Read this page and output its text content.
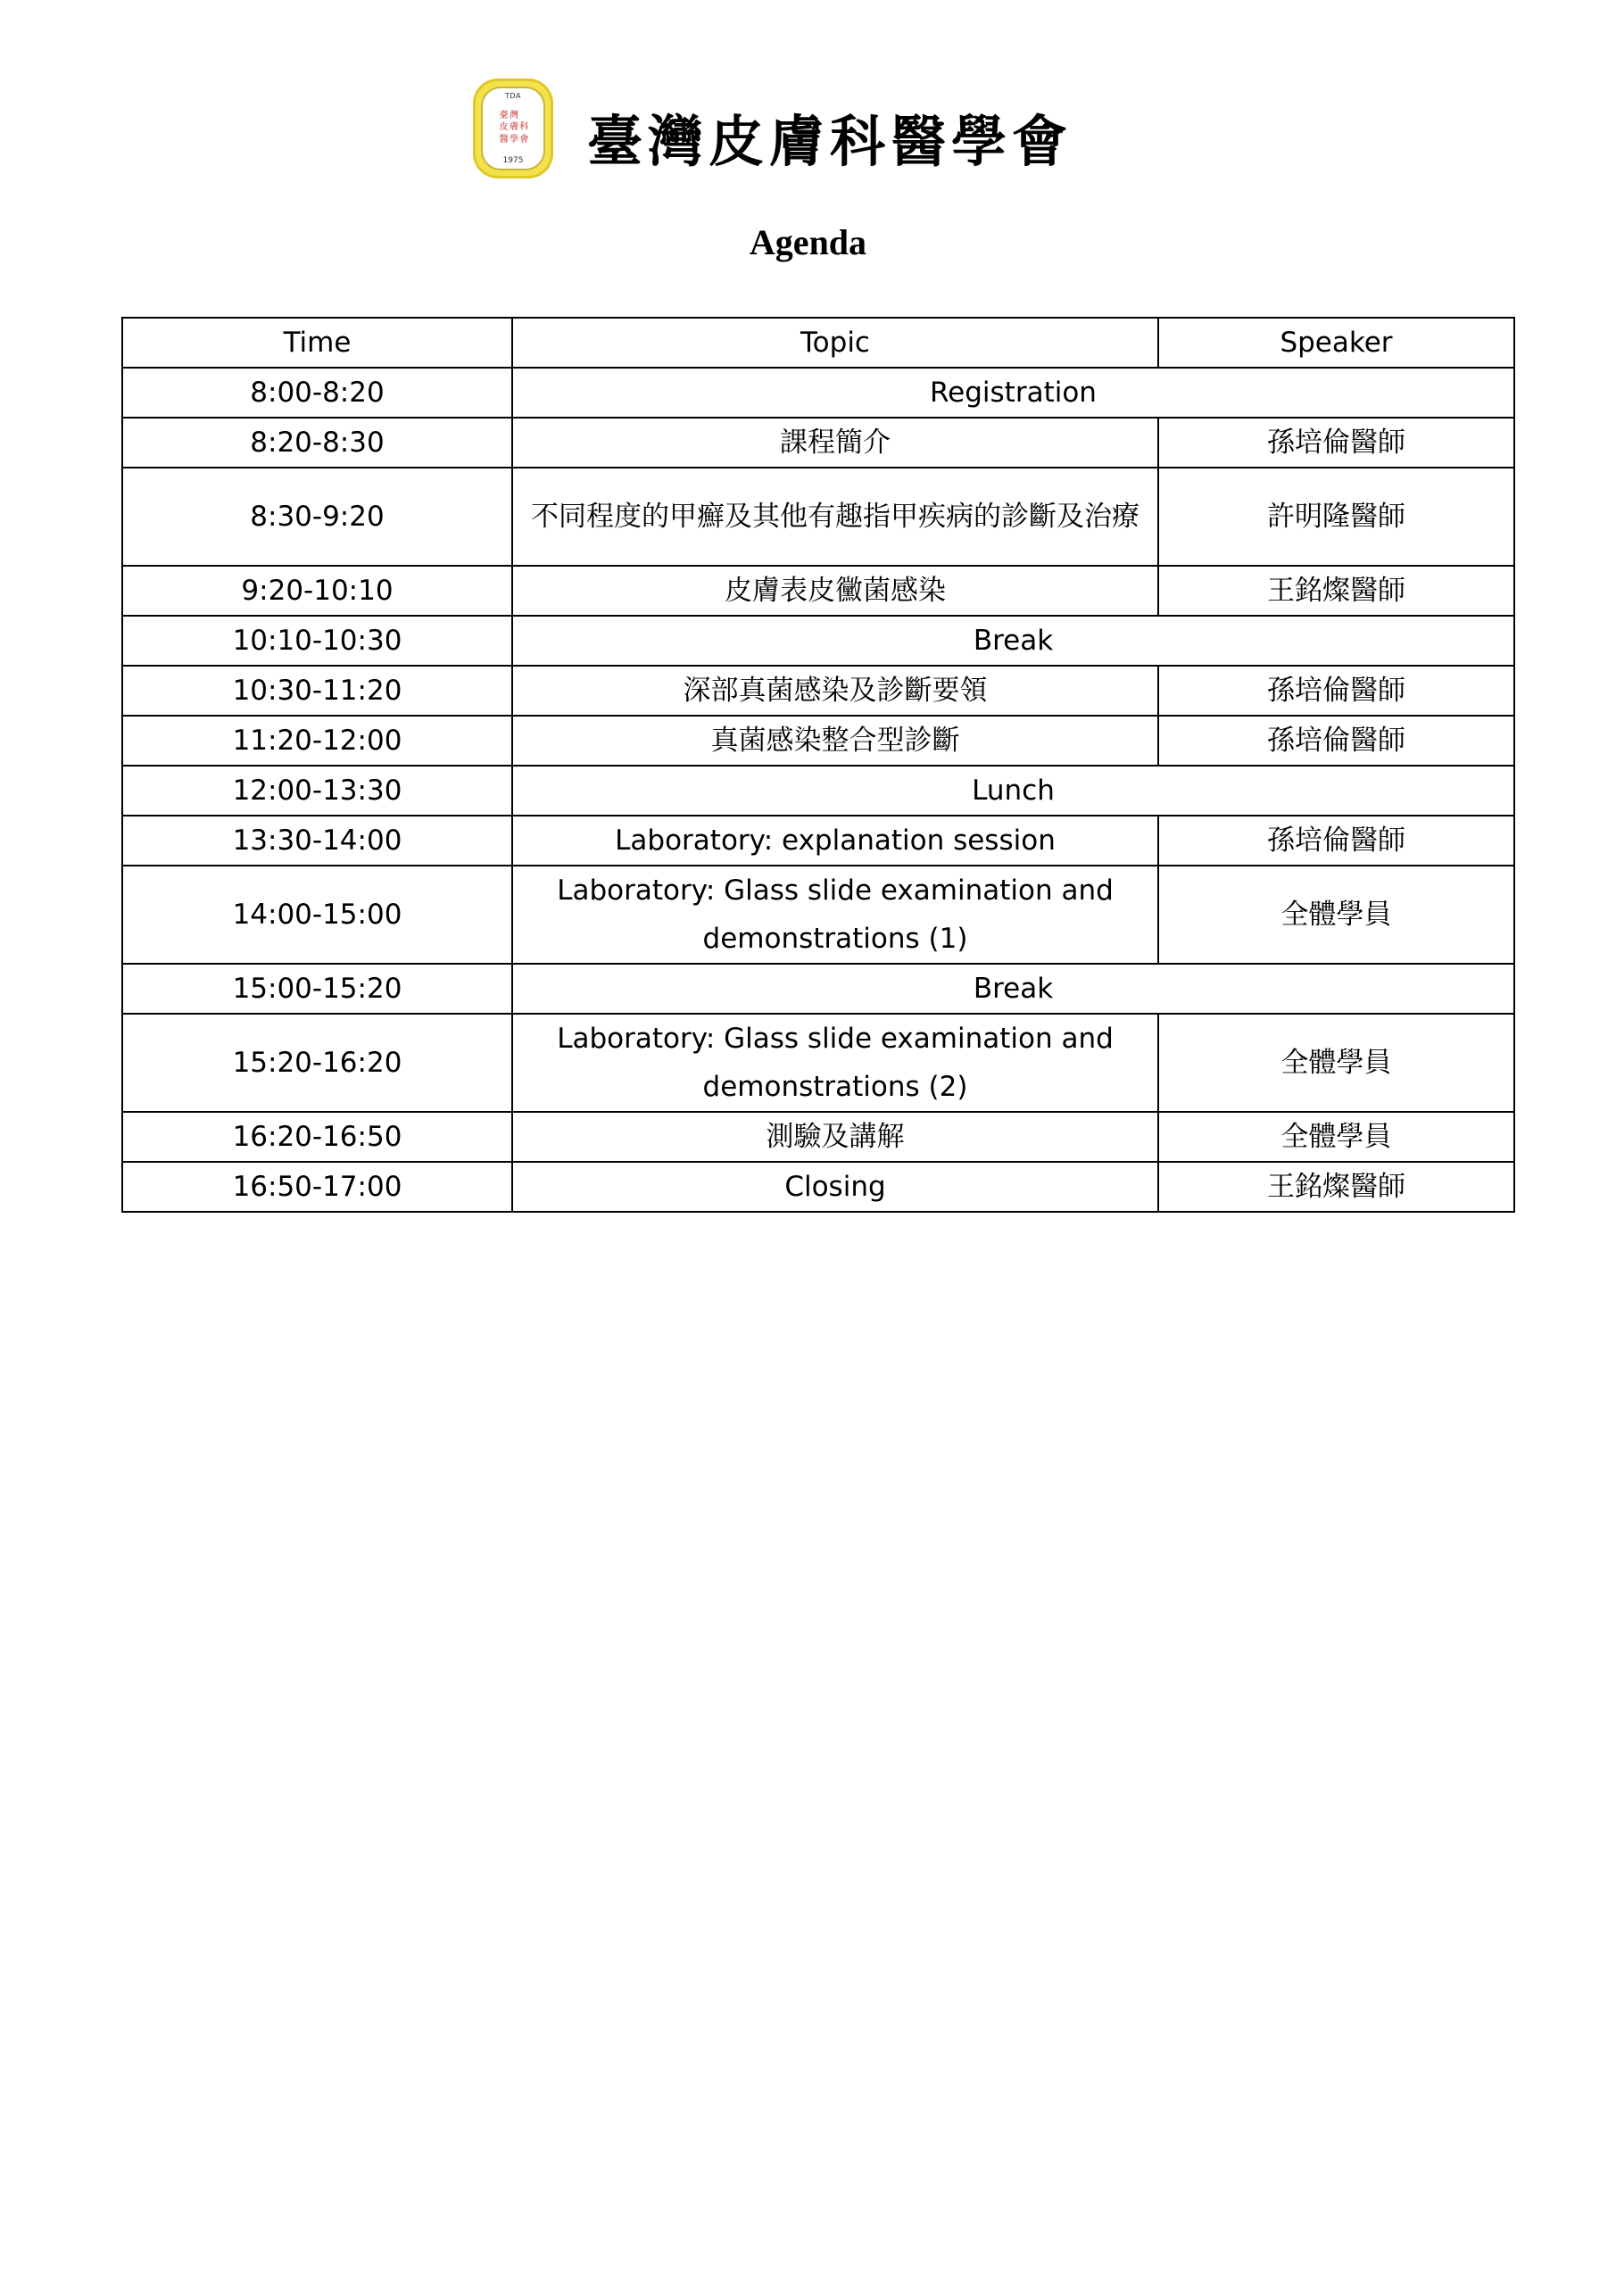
TDA
臺 灣
皮 膚 科
醫 學 會
1975	臺灣皮膚科醫學會
Agenda
Time	Topic	Speaker
8:00-8:20	Registration	
8:20-8:30	課程簡介	孫培倫醫師
8:30-9:20	不同程度的甲癬及其他有趣指甲疾病的診斷及治療	許明隆醫師
9:20-10:10	皮膚表皮黴菌感染	王銘燦醫師
10:10-10:30	Break	
10:30-11:20	深部真菌感染及診斷要領	孫培倫醫師
11:20-12:00	真菌感染整合型診斷	孫培倫醫師
12:00-13:30	Lunch	
13:30-14:00	Laboratory: explanation session	孫培倫醫師
14:00-15:00	Laboratory: Glass slide examination and demonstrations (1)	全體學員
15:00-15:20	Break	
15:20-16:20	Laboratory: Glass slide examination and demonstrations (2)	全體學員
16:20-16:50	測驗及講解	全體學員
16:50-17:00	Closing	王銘燦醫師
